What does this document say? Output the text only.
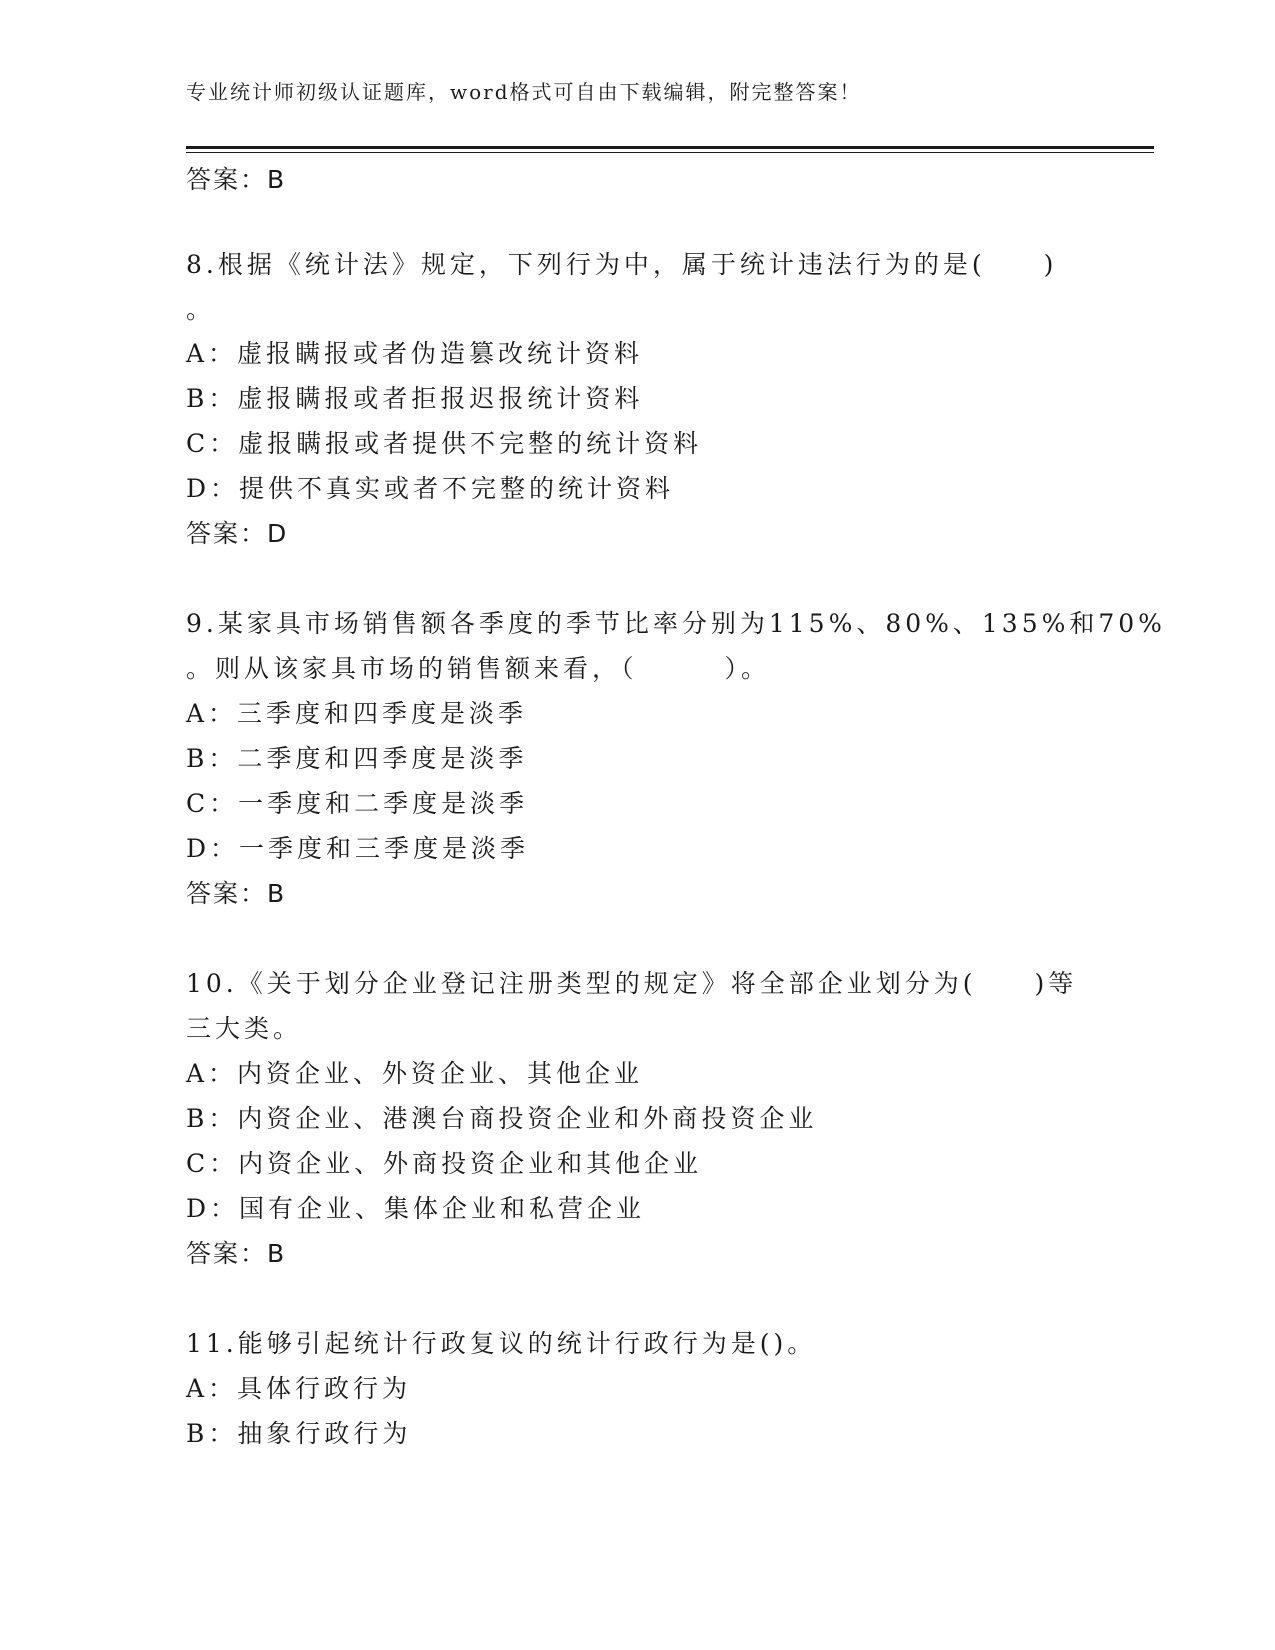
专业统计师初级认证题库，word格式可自由下载编辑，附完整答案！
答案：B
8.根据《统计法》规定，下列行为中，属于统计违法行为的是(　　)
。
A：虚报瞒报或者伪造篡改统计资料
B：虚报瞒报或者拒报迟报统计资料
C：虚报瞒报或者提供不完整的统计资料
D：提供不真实或者不完整的统计资料
答案：D
9.某家具市场销售额各季度的季节比率分别为115%、80%、135%和70%
。则从该家具市场的销售额来看，（　　　）。
A：三季度和四季度是淡季
B：二季度和四季度是淡季
C：一季度和二季度是淡季
D：一季度和三季度是淡季
答案：B
10.《关于划分企业登记注册类型的规定》将全部企业划分为(　　)等
三大类。
A：内资企业、外资企业、其他企业
B：内资企业、港澳台商投资企业和外商投资企业
C：内资企业、外商投资企业和其他企业
D：国有企业、集体企业和私营企业
答案：B
11.能够引起统计行政复议的统计行政行为是()。
A：具体行政行为
B：抽象行政行为
